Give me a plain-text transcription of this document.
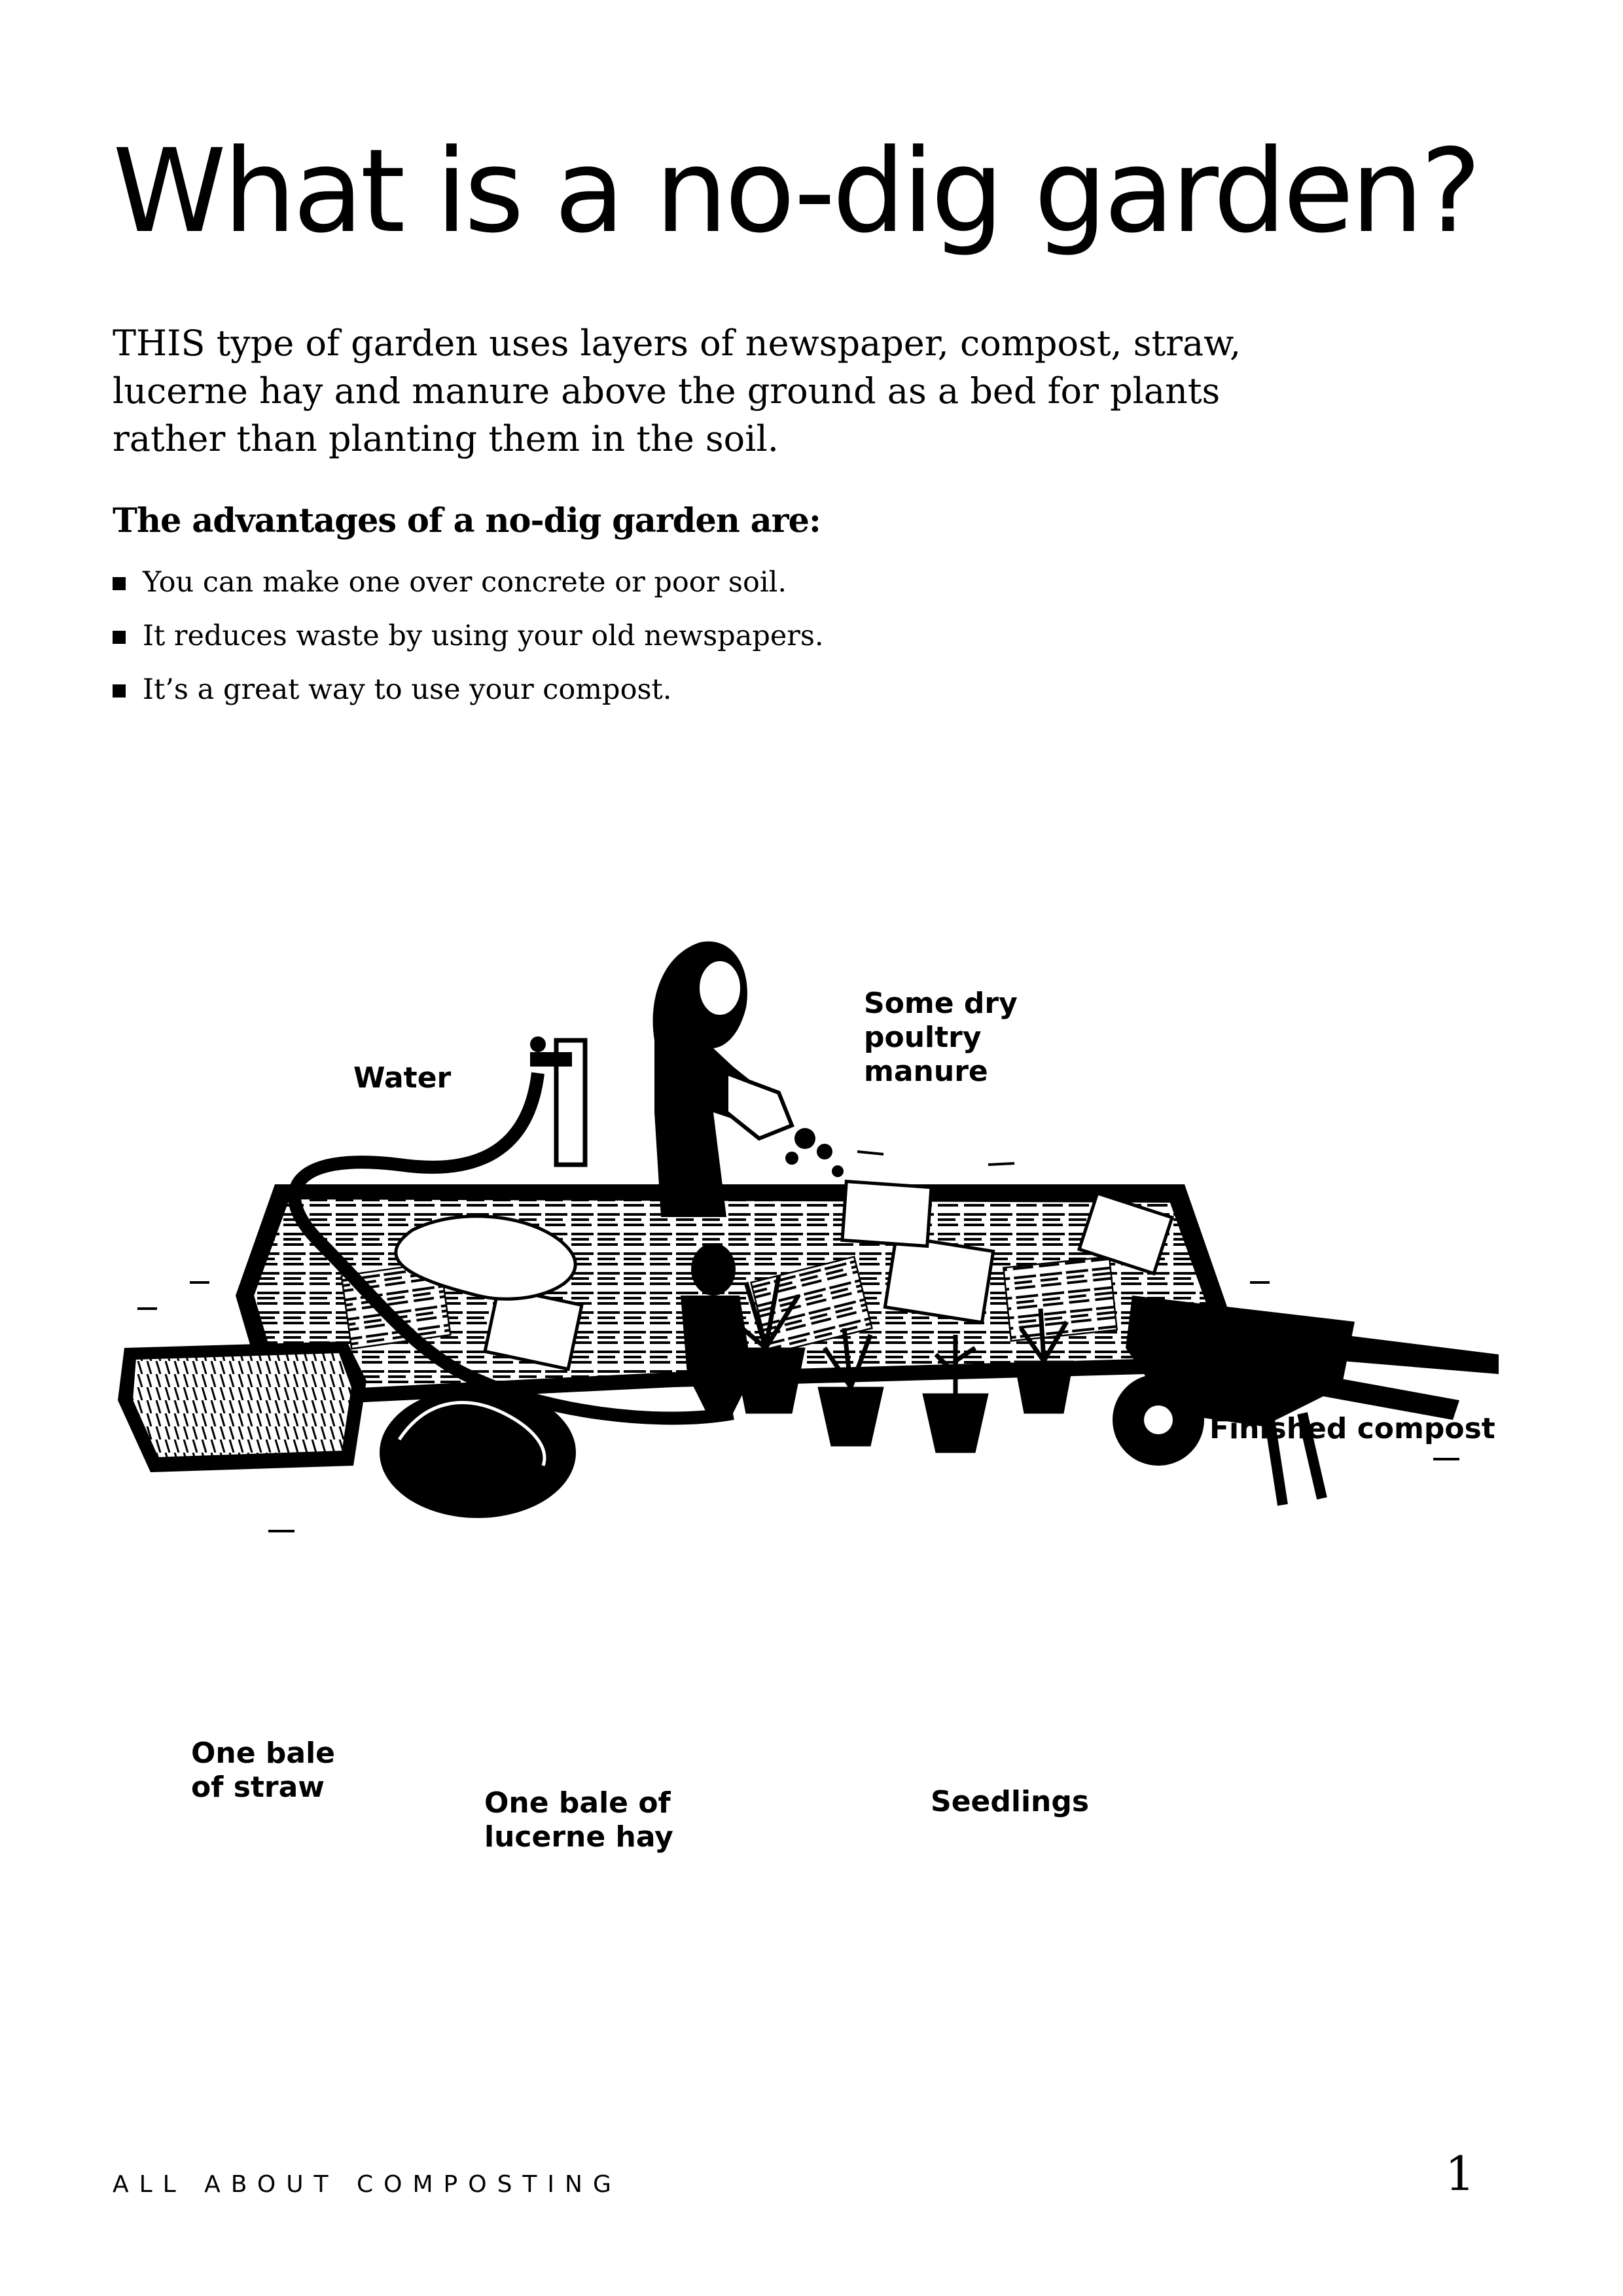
What is a no-dig garden?

THIS type of garden uses layers of newspaper, compost, straw, lucerne hay and manure above the ground as a bed for plants rather than planting them in the soil.

The advantages of a no-dig garden are:
You can make one over concrete or poor soil.
It reduces waste by using your old newspapers.
It’s a great way to use your compost.
Water
Some dry
poultry
manure
Finished compost
One bale
of straw	One bale of
lucerne hay
Seedlings
ALL ABOUT COMPOSTING	1
